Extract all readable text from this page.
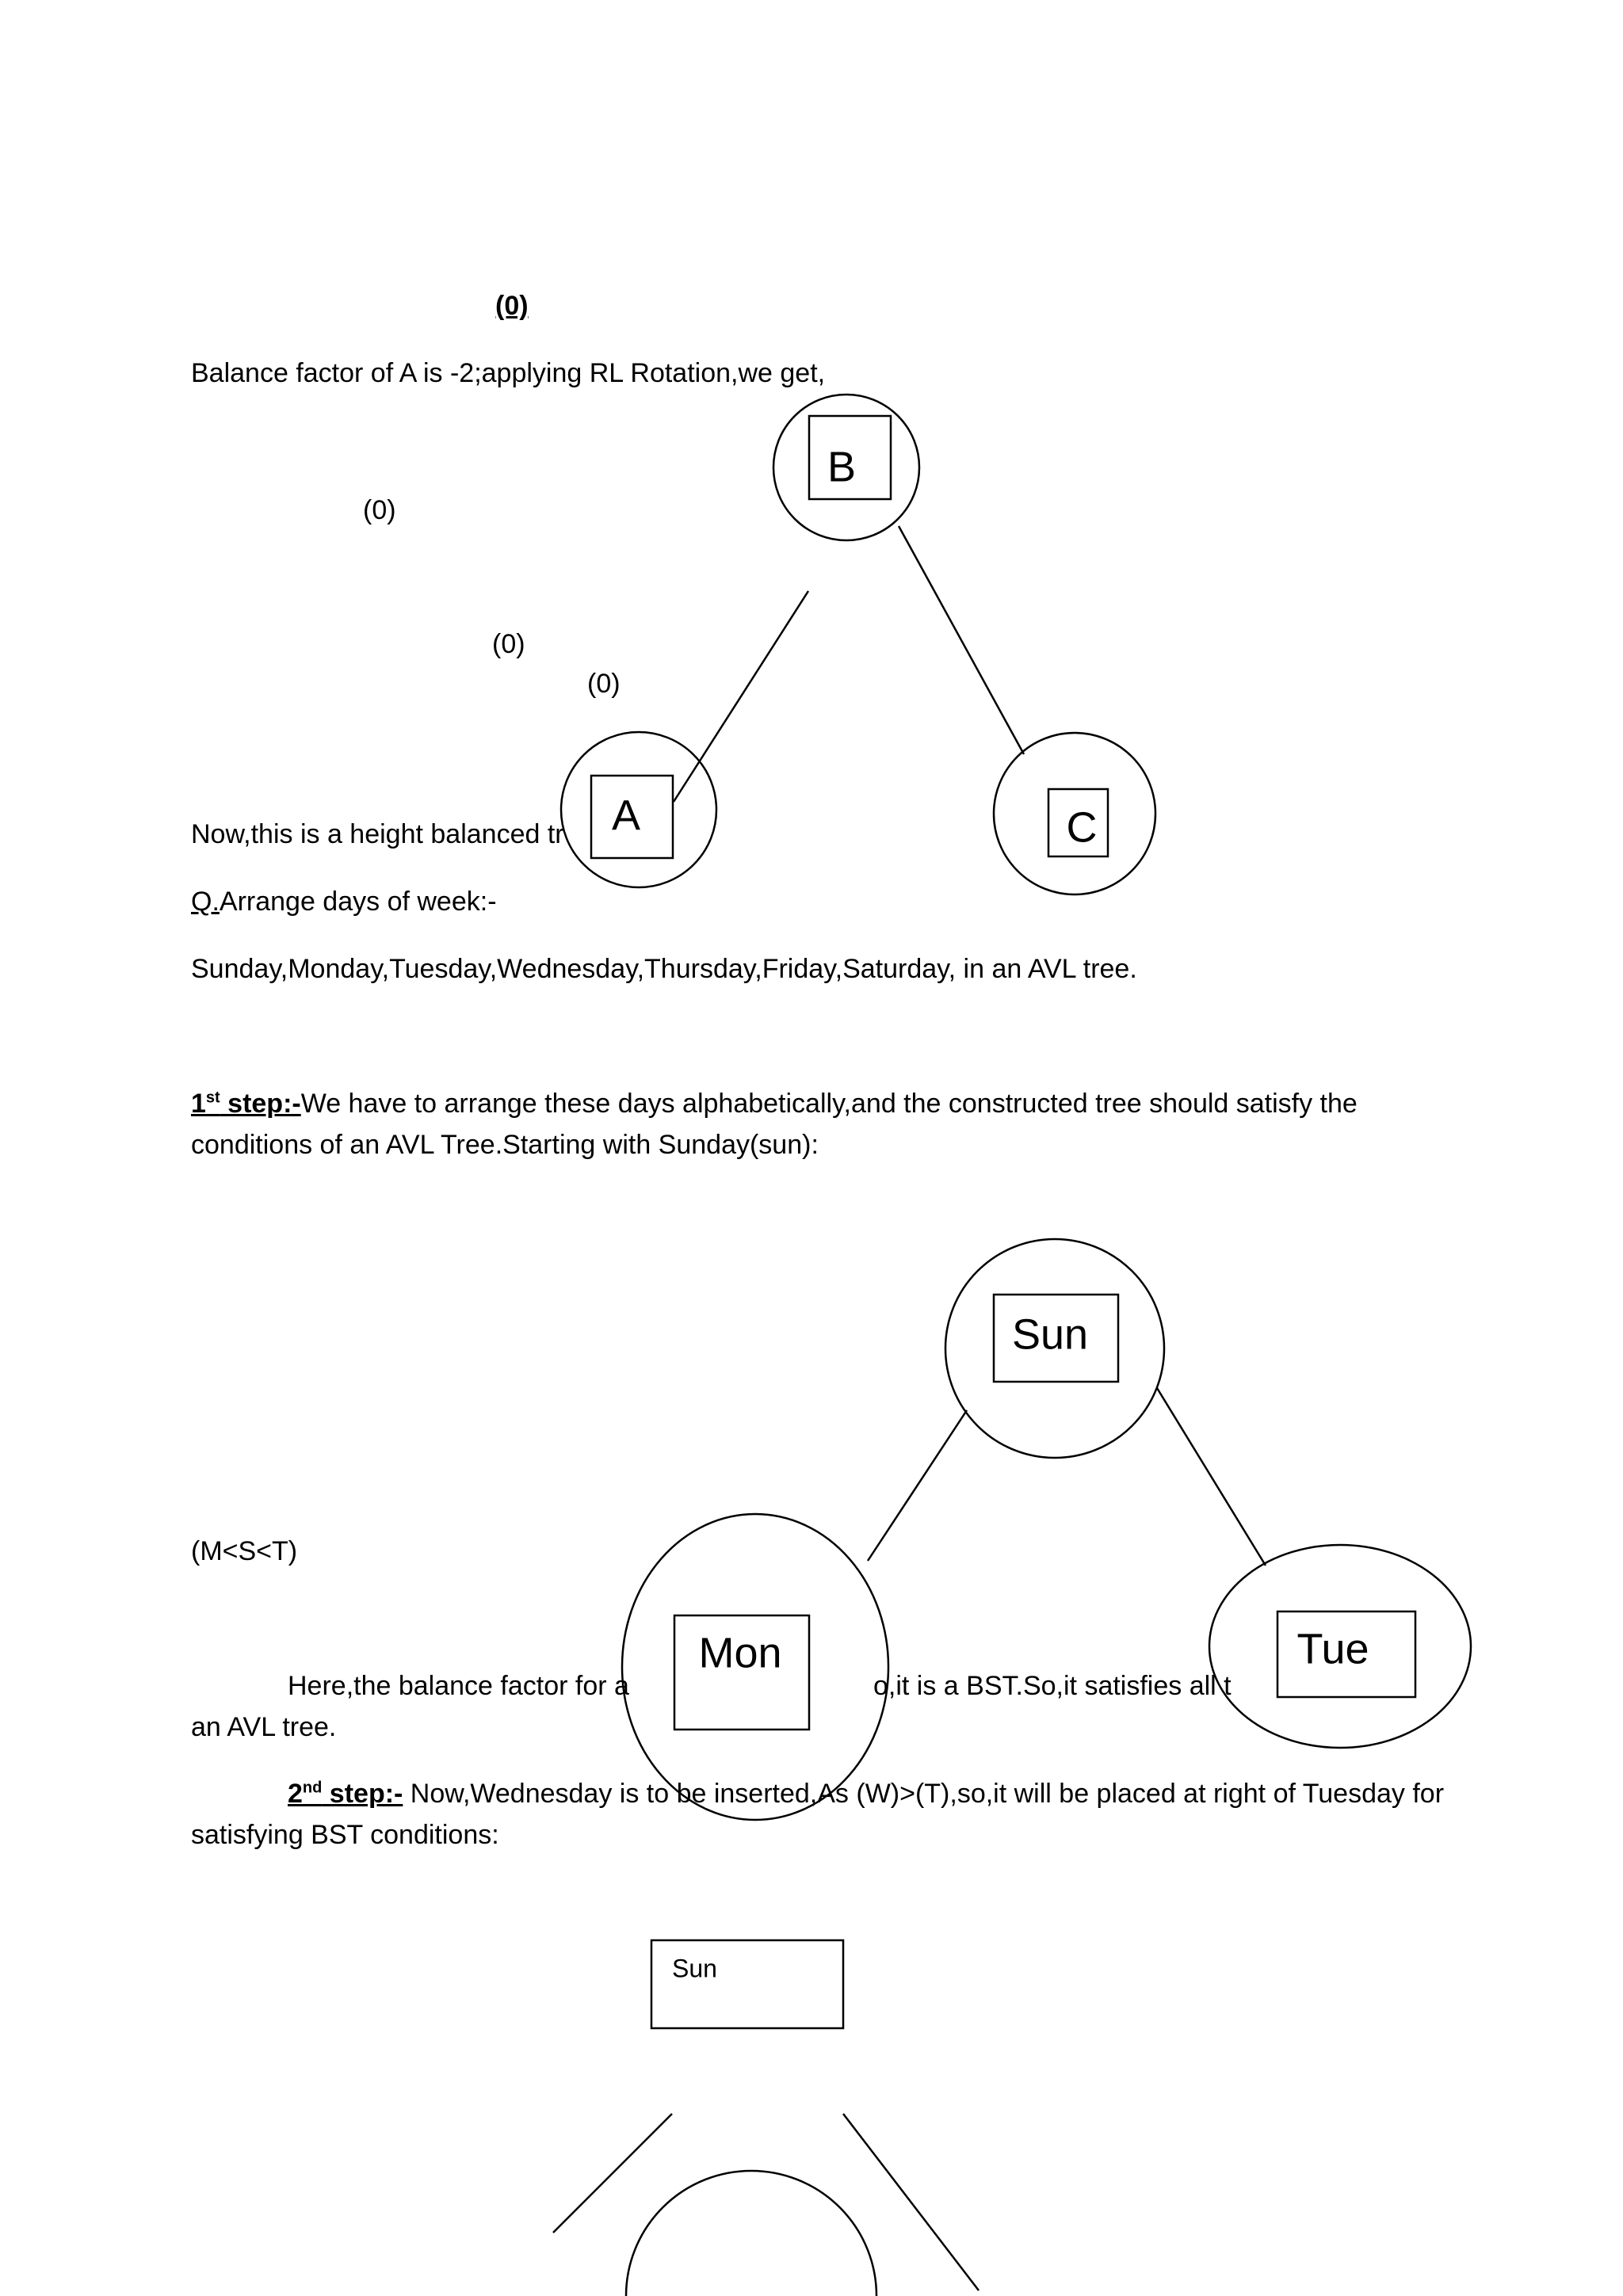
B
A	C
Sun
Mon	Tue
Sun
(0)
(0)
(0)
(0)
Balance factor of A is -2;applying RL Rotation,we get,
Now,this is a height balanced tr
Q.Arrange days of week:-
Sunday,Monday,Tuesday,Wednesday,Thursday,Friday,Saturday, in an AVL tree.
1st step:-We have to arrange these days alphabetically,and the constructed tree should satisfy the
conditions of an AVL Tree.Starting with Sunday(sun):
(M<S<T)
Here,the balance factor for a	o,it is a BST.So,it satisfies all t
an AVL tree.
2nd step:- Now,Wednesday is to be inserted,As (W)>(T),so,it will be placed at right of Tuesday for
satisfying BST conditions:
